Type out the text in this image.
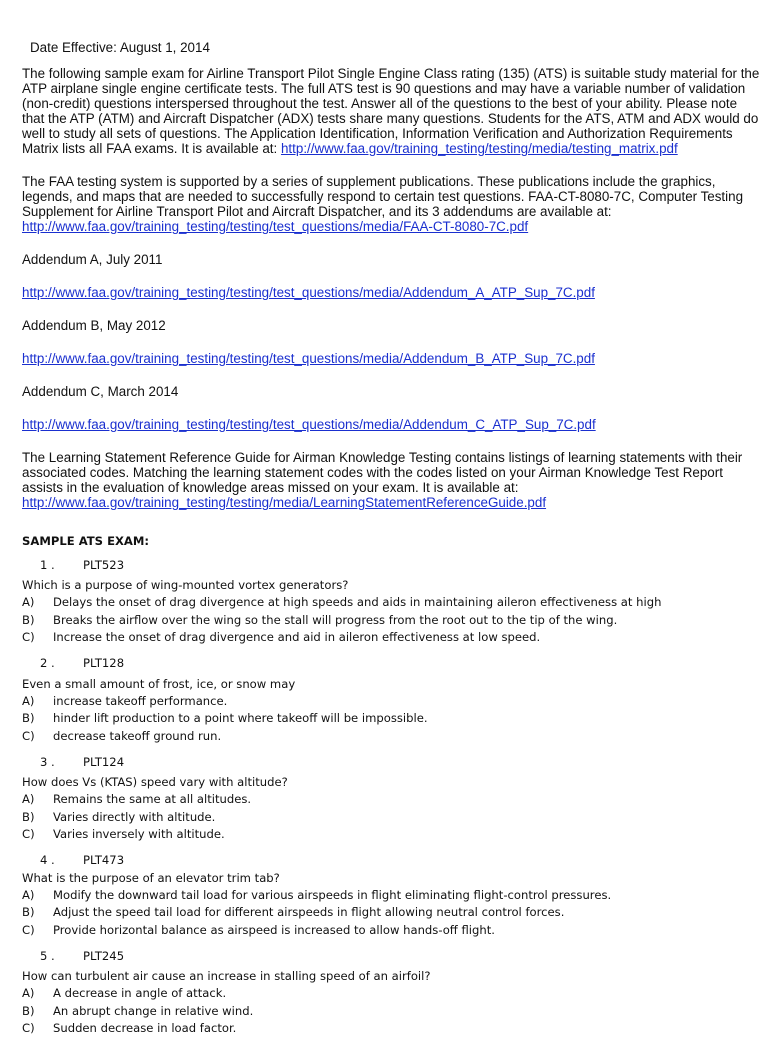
Date Effective: August 1, 2014

The following sample exam for Airline Transport Pilot Single Engine Class rating (135) (ATS) is suitable study material for the ATP airplane single engine certificate tests. The full ATS test is 90 questions and may have a variable number of validation (non-credit) questions interspersed throughout the test. Answer all of the questions to the best of your ability. Please note that the ATP (ATM) and Aircraft Dispatcher (ADX) tests share many questions. Students for the ATS, ATM and ADX would do well to study all sets of questions. The Application Identification, Information Verification and Authorization Requirements Matrix lists all FAA exams. It is available at: http://www.faa.gov/training_testing/testing/media/testing_matrix.pdf

The FAA testing system is supported by a series of supplement publications. These publications include the graphics, legends, and maps that are needed to successfully respond to certain test questions. FAA-CT-8080-7C, Computer Testing Supplement for Airline Transport Pilot and Aircraft Dispatcher, and its 3 addendums are available at:
http://www.faa.gov/training_testing/testing/test_questions/media/FAA-CT-8080-7C.pdf

Addendum A, July 2011

http://www.faa.gov/training_testing/testing/test_questions/media/Addendum_A_ATP_Sup_7C.pdf

Addendum B, May 2012

http://www.faa.gov/training_testing/testing/test_questions/media/Addendum_B_ATP_Sup_7C.pdf

Addendum C, March 2014

http://www.faa.gov/training_testing/testing/test_questions/media/Addendum_C_ATP_Sup_7C.pdf

The Learning Statement Reference Guide for Airman Knowledge Testing contains listings of learning statements with their associated codes. Matching the learning statement codes with the codes listed on your Airman Knowledge Test Report assists in the evaluation of knowledge areas missed on your exam. It is available at: http://www.faa.gov/training_testing/testing/media/LearningStatementReferenceGuide.pdf

SAMPLE ATS EXAM:
1 .	PLT523
Which is a purpose of wing-mounted vortex generators?
A)	Delays the onset of drag divergence at high speeds and aids in maintaining aileron effectiveness at high
B)	Breaks the airflow over the wing so the stall will progress from the root out to the tip of the wing.
C)	Increase the onset of drag divergence and aid in aileron effectiveness at low speed.
2 .	PLT128
Even a small amount of frost, ice, or snow may
A)	increase takeoff performance.
B)	hinder lift production to a point where takeoff will be impossible.
C)	decrease takeoff ground run.
3 .	PLT124
How does Vs (KTAS) speed vary with altitude?
A)	Remains the same at all altitudes.
B)	Varies directly with altitude.
C)	Varies inversely with altitude.
4 .	PLT473
What is the purpose of an elevator trim tab?
A)	Modify the downward tail load for various airspeeds in flight eliminating flight-control pressures.
B)	Adjust the speed tail load for different airspeeds in flight allowing neutral control forces.
C)	Provide horizontal balance as airspeed is increased to allow hands-off flight.
5 .	PLT245
How can turbulent air cause an increase in stalling speed of an airfoil?
A)	A decrease in angle of attack.
B)	An abrupt change in relative wind.
C)	Sudden decrease in load factor.
